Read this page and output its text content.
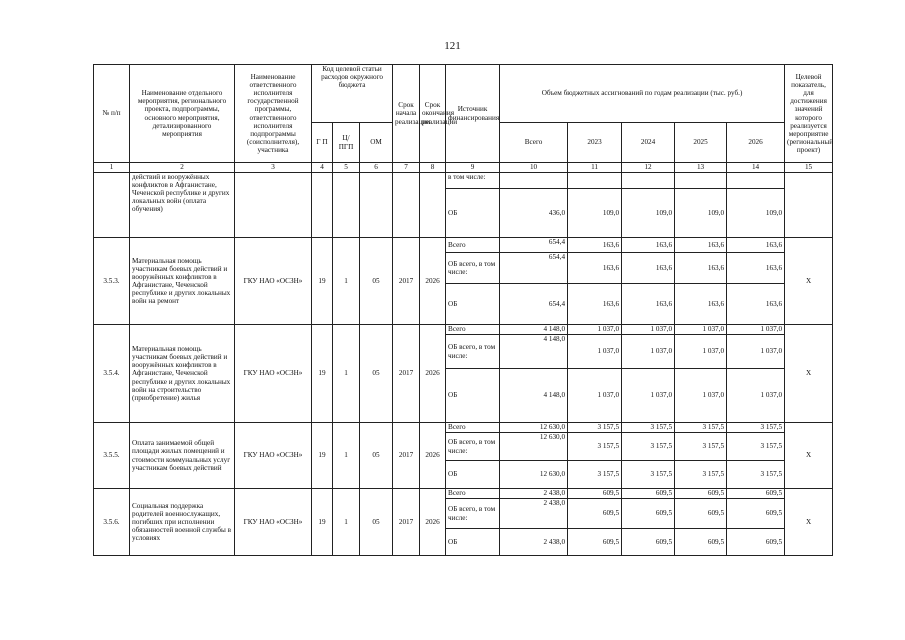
121
№ п/п	Наименование отдельного мероприятия, регионального проекта, подпрограммы, основного мероприятия, детализированного мероприятия	Наименование ответственного исполнителя государственной программы, ответственного исполнителя подпрограммы (соисполнителя), участника	Код целевой статьи расходов окружного бюджета			Срок начала реализации	Срок окончания реализации	Источник финансирования	Объем бюджетных ассигнований по годам реализации (тыс. руб.)					Целевой показатель, для достижения значений которого реализуется мероприятие (региональный проект)
			Г П	Ц/ ПГП	ОМ				Всего	2023	2024	2025	2026	
1	2	3	4	5	6	7	8	9	10	11	12	13	14	15
	действий и вооружённых конфликтов в Афганистане, Чеченской республике и других локальных войн (оплата обучения)							в том числе:						
								ОБ	436,0	109,0	109,0	109,0	109,0	
3.5.3.	Материальная помощь участникам боевых действий и вооружённых конфликтов в Афганистане, Чеченской республике и других локальных войн на ремонт	ГКУ НАО «ОСЗН»	19	1	05	2017	2026	Всего	654,4	163,6	163,6	163,6	163,6	Х
								ОБ всего, в том числе:	654,4	163,6	163,6	163,6	163,6	
								ОБ	654,4	163,6	163,6	163,6	163,6	
3.5.4.	Материальная помощь участникам боевых действий и вооружённых конфликтов в Афганистане, Чеченской республике и других локальных войн на строительство (приобретение) жилья	ГКУ НАО «ОСЗН»	19	1	05	2017	2026	Всего	4 148,0	1 037,0	1 037,0	1 037,0	1 037,0	Х
								ОБ всего, в том числе:	4 148,0	1 037,0	1 037,0	1 037,0	1 037,0	
								ОБ	4 148,0	1 037,0	1 037,0	1 037,0	1 037,0	
3.5.5.	Оплата занимаемой общей площади жилых помещений и стоимости коммунальных услуг участникам боевых действий	ГКУ НАО «ОСЗН»	19	1	05	2017	2026	Всего	12 630,0	3 157,5	3 157,5	3 157,5	3 157,5	Х
								ОБ всего, в том числе:	12 630,0	3 157,5	3 157,5	3 157,5	3 157,5	
								ОБ	12 630,0	3 157,5	3 157,5	3 157,5	3 157,5	
3.5.6.	Социальная поддержка родителей военнослужащих, погибших при исполнении обязанностей военной службы в условиях	ГКУ НАО «ОСЗН»	19	1	05	2017	2026	Всего	2 438,0	609,5	609,5	609,5	609,5	Х
								ОБ всего, в том числе:	2 438,0	609,5	609,5	609,5	609,5	
								ОБ	2 438,0	609,5	609,5	609,5	609,5	
